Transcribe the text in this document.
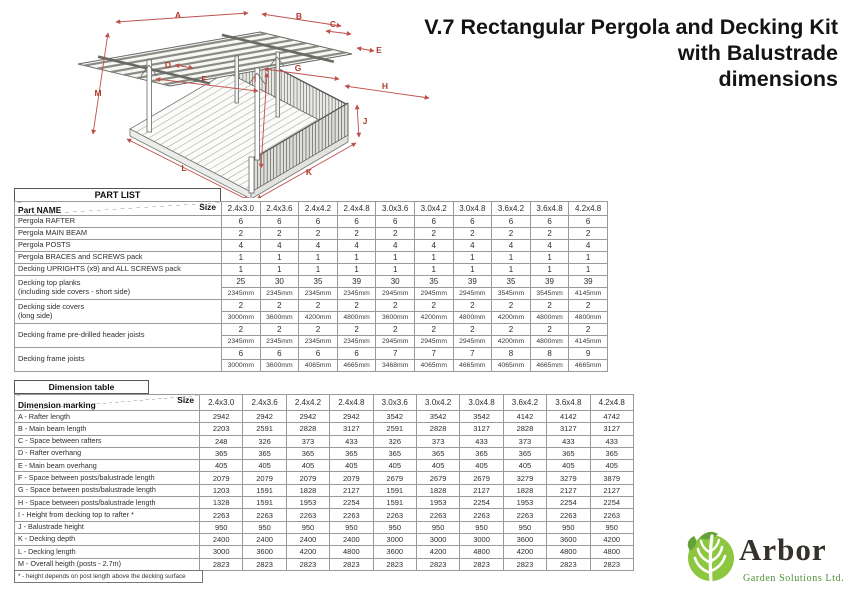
A	B
C
D
E
F
G
H
I
J
K
L
M
V.7 Rectangular Pergola and Decking Kit
with Balustrade
dimensions
PART LIST
Part NAME Size	2.4x3.0	2.4x3.6	2.4x4.2	2.4x4.8	3.0x3.6	3.0x4.2	3.0x4.8	3.6x4.2	3.6x4.8	4.2x4.8
Pergola RAFTER	6	6	6	6	6	6	6	6	6	6
Pergola MAIN BEAM	2	2	2	2	2	2	2	2	2	2
Pergola POSTS	4	4	4	4	4	4	4	4	4	4
Pergola BRACES and SCREWS pack	1	1	1	1	1	1	1	1	1	1
Decking UPRIGHTS (x9) and ALL SCREWS pack	1	1	1	1	1	1	1	1	1	1

Decking top planks
(including side covers - short side)	25	30	35	39	30	35	39	35	39	39
	2345mm	2345mm	2345mm	2345mm	2945mm	2945mm	2945mm	3545mm	3545mm	4145mm

Decking side covers
(long side)	2	2	2	2	2	2	2	2	2	2
	3000mm	3600mm	4200mm	4800mm	3600mm	4200mm	4800mm	4200mm	4800mm	4800mm

Decking frame pre-drilled header joists	2	2	2	2	2	2	2	2	2	2
	2345mm	2345mm	2345mm	2345mm	2945mm	2945mm	2945mm	4200mm	4800mm	4145mm

Decking frame joists	6	6	6	6	7	7	7	8	8	9
	3000mm	3600mm	4065mm	4665mm	3468mm	4065mm	4665mm	4065mm	4665mm	4665mm
Dimension table
Dimension marking Size	2.4x3.0	2.4x3.6	2.4x4.2	2.4x4.8	3.0x3.6	3.0x4.2	3.0x4.8	3.6x4.2	3.6x4.8	4.2x4.8
A - Rafter length	2942	2942	2942	2942	3542	3542	3542	4142	4142	4742
B - Main beam length	2203	2591	2828	3127	2591	2828	3127	2828	3127	3127
C - Space between rafters	248	326	373	433	326	373	433	373	433	433
D - Rafter overhang	365	365	365	365	365	365	365	365	365	365
E - Main beam overhang	405	405	405	405	405	405	405	405	405	405
F - Space between posts/balustrade length	2079	2079	2079	2079	2679	2679	2679	3279	3279	3879
G - Space between posts/balustrade length	1203	1591	1828	2127	1591	1828	2127	1828	2127	2127
H - Space between posts/balustrade length	1328	1591	1953	2254	1591	1953	2254	1953	2254	2254
I - Height from decking top to rafter *	2263	2263	2263	2263	2263	2263	2263	2263	2263	2263
J - Balustrade height	950	950	950	950	950	950	950	950	950	950
K - Decking depth	2400	2400	2400	2400	3000	3000	3000	3600	3600	4200
L - Decking length	3000	3600	4200	4800	3600	4200	4800	4200	4800	4800
M - Overall heigth (posts - 2.7m)	2823	2823	2823	2823	2823	2823	2823	2823	2823	2823
* - height depends on post length above the decking surface
Arbor
Garden Solutions Ltd.
